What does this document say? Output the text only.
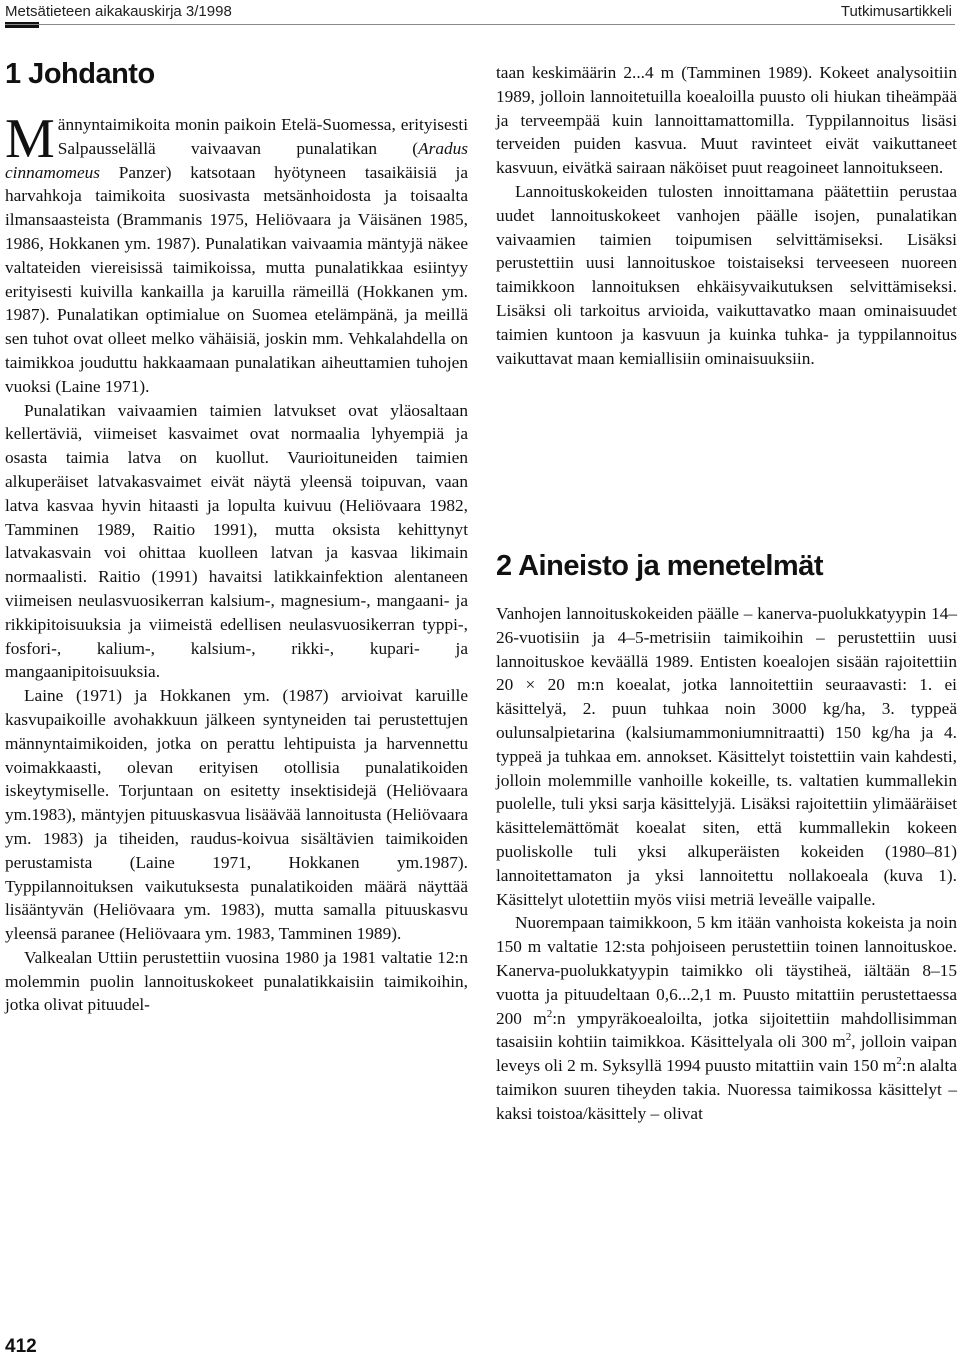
Metsätieteen aikakauskirja 3/1998	Tutkimusartikkeli
1 Johdanto

Männyntaimikoita monin paikoin Etelä-Suomessa, erityisesti Salpausselällä vaivaavan punalatikan (Aradus cinnamomeus Panzer) katsotaan hyötyneen tasaikäisiä ja harvahkoja taimikoita suosivasta metsänhoidosta ja toisaalta ilmansaasteista (Brammanis 1975, Heliövaara ja Väisänen 1985, 1986, Hokkanen ym. 1987). Punalatikan vaivaamia mäntyjä näkee valtateiden viereisissä taimikoissa, mutta punalatikkaa esiintyy erityisesti kuivilla kankailla ja karuilla rämeillä (Hokkanen ym. 1987). Punalatikan optimialue on Suomea etelämpänä, ja meillä sen tuhot ovat olleet melko vähäisiä, joskin mm. Vehkalahdella on taimikkoa jouduttu hakkaamaan punalatikan aiheuttamien tuhojen vuoksi (Laine 1971).

Punalatikan vaivaamien taimien latvukset ovat yläosaltaan kellertäviä, viimeiset kasvaimet ovat normaalia lyhyempiä ja osasta taimia latva on kuollut. Vaurioituneiden taimien alkuperäiset latvakasvaimet eivät näytä yleensä toipuvan, vaan latva kasvaa hyvin hitaasti ja lopulta kuivuu (Heliövaara 1982, Tamminen 1989, Raitio 1991), mutta oksista kehittynyt latvakasvain voi ohittaa kuolleen latvan ja kasvaa likimain normaalisti. Raitio (1991) havaitsi latikkainfektion alentaneen viimeisen neulasvuosikerran kalsium-, magnesium-, mangaani- ja rikkipitoisuuksia ja viimeistä edellisen neulasvuosikerran typpi-, fosfori-, kalium-, kalsium-, rikki-, kupari- ja mangaanipitoisuuksia.

Laine (1971) ja Hokkanen ym. (1987) arvioivat karuille kasvupaikoille avohakkuun jälkeen syntyneiden tai perustettujen männyntaimikoiden, jotka on perattu lehtipuista ja harvennettu voimakkaasti, olevan erityisen otollisia punalatikoiden iskeytymiselle. Torjuntaan on esitetty insektisidejä (Heliövaara ym.1983), mäntyjen pituuskasvua lisäävää lannoitusta (Heliövaara ym. 1983) ja tiheiden, raudus-koivua sisältävien taimikoiden perustamista (Laine 1971, Hokkanen ym.1987). Typpilannoituksen vaikutuksesta punalatikoiden määrä näyttää lisääntyvän (Heliövaara ym. 1983), mutta samalla pituuskasvu yleensä paranee (Heliövaara ym. 1983, Tamminen 1989).

Valkealan Uttiin perustettiin vuosina 1980 ja 1981 valtatie 12:n molemmin puolin lannoituskokeet punalatikkaisiin taimikoihin, jotka olivat pituudel-

taan keskimäärin 2...4 m (Tamminen 1989). Kokeet analysoitiin 1989, jolloin lannoitetuilla koealoilla puusto oli hiukan tiheämpää ja terveempää kuin lannoittamattomilla. Typpilannoitus lisäsi terveiden puiden kasvua. Muut ravinteet eivät vaikuttaneet kasvuun, eivätkä sairaan näköiset puut reagoineet lannoitukseen.

Lannoituskokeiden tulosten innoittamana päätettiin perustaa uudet lannoituskokeet vanhojen päälle isojen, punalatikan vaivaamien taimien toipumisen selvittämiseksi. Lisäksi perustettiin uusi lannoituskoe toistaiseksi terveeseen nuoreen taimikkoon lannoituksen ehkäisyvaikutuksen selvittämiseksi. Lisäksi oli tarkoitus arvioida, vaikuttavatko maan ominaisuudet taimien kuntoon ja kasvuun ja kuinka tuhka- ja typpilannoitus vaikuttavat maan kemiallisiin ominaisuuksiin.

2 Aineisto ja menetelmät

Vanhojen lannoituskokeiden päälle – kanerva-puolukkatyypin 14–26-vuotisiin ja 4–5-metrisiin taimikoihin – perustettiin uusi lannoituskoe keväällä 1989. Entisten koealojen sisään rajoitettiin 20 × 20 m:n koealat, jotka lannoitettiin seuraavasti: 1. ei käsittelyä, 2. puun tuhkaa noin 3000 kg/ha, 3. typpeä oulunsalpietarina (kalsiumammoniumnitraatti) 150 kg/ha ja 4. typpeä ja tuhkaa em. annokset. Käsittelyt toistettiin vain kahdesti, jolloin molemmille vanhoille kokeille, ts. valtatien kummallekin puolelle, tuli yksi sarja käsittelyjä. Lisäksi rajoitettiin ylimääräiset käsittelemättömät koealat siten, että kummallekin kokeen puoliskolle tuli yksi alkuperäisten kokeiden (1980–81) lannoitettamaton ja yksi lannoitettu nollakoeala (kuva 1). Käsittelyt ulotettiin myös viisi metriä leveälle vaipalle.

Nuorempaan taimikkoon, 5 km itään vanhoista kokeista ja noin 150 m valtatie 12:sta pohjoiseen perustettiin toinen lannoituskoe. Kanerva-puolukkatyypin taimikko oli täystiheä, iältään 8–15 vuotta ja pituudeltaan 0,6...2,1 m. Puusto mitattiin perustettaessa 200 $m^2:n$ ympyräkoealoilta, jotka sijoitettiin mahdollisimman tasaisiin kohtiin taimikkoa. Käsittelyala oli 300 $m^2$, jolloin vaipan leveys oli 2 m. Syksyllä 1994 puusto mitattiin vain 150 $m^2:n$ alalta taimikon suuren tiheyden takia. Nuoressa taimikossa käsittelyt – kaksi toistoa/käsittely – olivat

412
